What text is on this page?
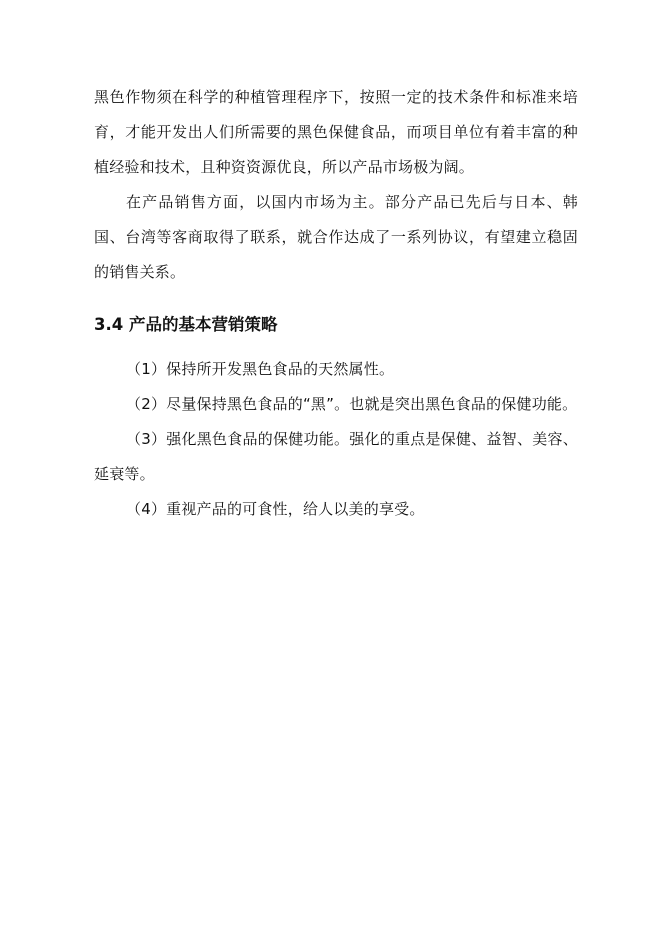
黑色作物须在科学的种植管理程序下，按照一定的技术条件和标准来培育，才能开发出人们所需要的黑色保健食品，而项目单位有着丰富的种植经验和技术，且种资资源优良，所以产品市场极为阔。

在产品销售方面，以国内市场为主。部分产品已先后与日本、韩国、台湾等客商取得了联系，就合作达成了一系列协议，有望建立稳固的销售关系。

3.4 产品的基本营销策略
（1）保持所开发黑色食品的天然属性。
（2）尽量保持黑色食品的“黑”。也就是突出黑色食品的保健功能。
（3）强化黑色食品的保健功能。强化的重点是保健、益智、美容、延衰等。
（4）重视产品的可食性，给人以美的享受。
